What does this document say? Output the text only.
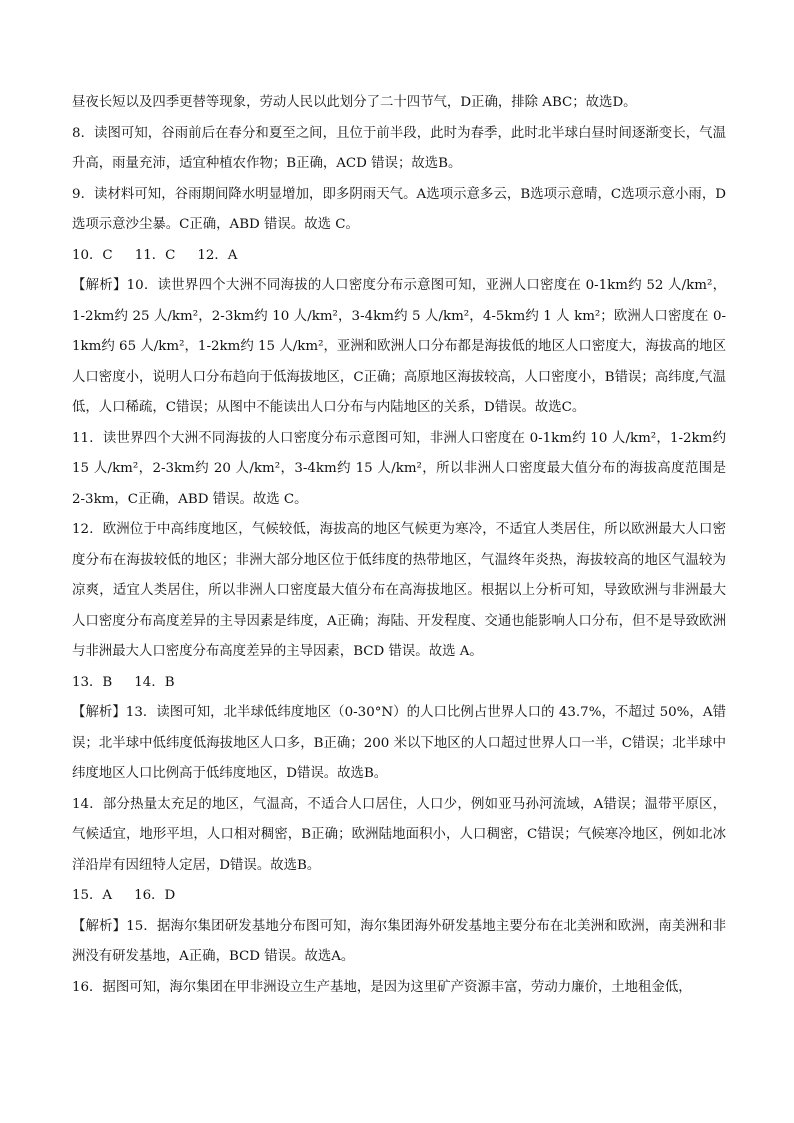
昼夜长短以及四季更替等现象，劳动人民以此划分了二十四节气，D正确，排除 ABC；故选D。

8．读图可知，谷雨前后在春分和夏至之间，且位于前半段，此时为春季，此时北半球白昼时间逐渐变长，气温升高，雨量充沛，适宜种植农作物；B正确，ACD 错误；故选B。

9．读材料可知，谷雨期间降水明显增加，即多阴雨天气。A选项示意多云，B选项示意晴，C选项示意小雨，D选项示意沙尘暴。C正确，ABD 错误。故选 C。

10．C 11．C 12．A

【解析】10．读世界四个大洲不同海拔的人口密度分布示意图可知，亚洲人口密度在 0-1km约 52 人/km²，1-2km约 25 人/km²，2-3km约 10 人/km²，3-4km约 5 人/km²，4-5km约 1 人 km²；欧洲人口密度在 0-1km约 65 人/km²，1-2km约 15 人/km²，亚洲和欧洲人口分布都是海拔低的地区人口密度大，海拔高的地区人口密度小，说明人口分布趋向于低海拔地区，C正确；高原地区海拔较高，人口密度小，B错误；高纬度,气温低，人口稀疏，C错误；从图中不能读出人口分布与内陆地区的关系，D错误。故选C。

11．读世界四个大洲不同海拔的人口密度分布示意图可知，非洲人口密度在 0-1km约 10 人/km²，1-2km约 15 人/km²，2-3km约 20 人/km²，3-4km约 15 人/km²，所以非洲人口密度最大值分布的海拔高度范围是 2-3km，C正确，ABD 错误。故选 C。

12．欧洲位于中高纬度地区，气候较低，海拔高的地区气候更为寒冷，不适宜人类居住，所以欧洲最大人口密度分布在海拔较低的地区；非洲大部分地区位于低纬度的热带地区，气温终年炎热，海拔较高的地区气温较为凉爽，适宜人类居住，所以非洲人口密度最大值分布在高海拔地区。根据以上分析可知，导致欧洲与非洲最大人口密度分布高度差异的主导因素是纬度，A正确；海陆、开发程度、交通也能影响人口分布，但不是导致欧洲与非洲最大人口密度分布高度差异的主导因素，BCD 错误。故选 A。

13．B 14．B

【解析】13．读图可知，北半球低纬度地区（0-30°N）的人口比例占世界人口的 43.7%，不超过 50%，A错误；北半球中低纬度低海拔地区人口多，B正确；200 米以下地区的人口超过世界人口一半，C错误；北半球中纬度地区人口比例高于低纬度地区，D错误。故选B。

14．部分热量太充足的地区，气温高，不适合人口居住，人口少，例如亚马孙河流域，A错误；温带平原区，气候适宜，地形平坦，人口相对稠密，B正确；欧洲陆地面积小，人口稠密，C错误；气候寒冷地区，例如北冰洋沿岸有因纽特人定居，D错误。故选B。

15．A 16．D

【解析】15．据海尔集团研发基地分布图可知，海尔集团海外研发基地主要分布在北美洲和欧洲，南美洲和非洲没有研发基地，A正确，BCD 错误。故选A。

16．据图可知，海尔集团在甲非洲设立生产基地，是因为这里矿产资源丰富，劳动力廉价，土地租金低，
